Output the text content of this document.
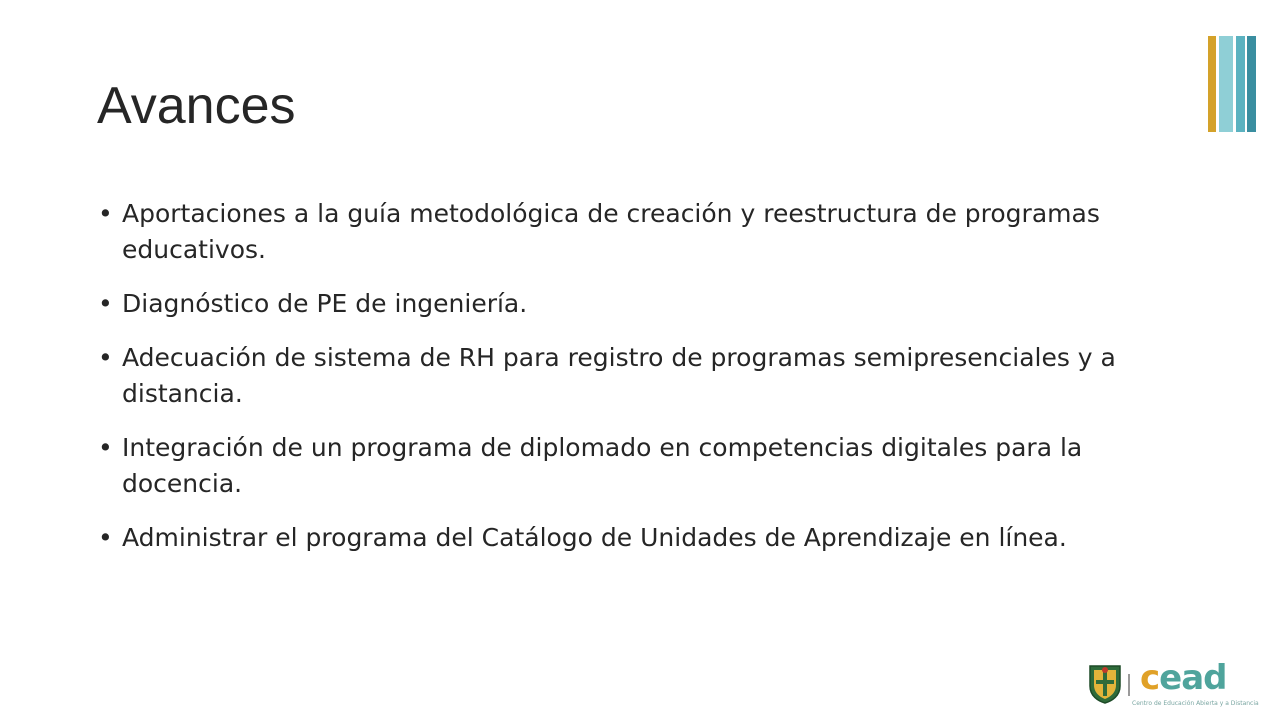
Avances
• Aportaciones a la guía metodológica de creación y reestructura de programas educativos.
• Diagnóstico de PE de ingeniería.
• Adecuación de sistema de RH para registro de programas semipresenciales y a distancia.
• Integración de un programa de diplomado en competencias digitales para la docencia.
• Administrar el programa del Catálogo de Unidades de Aprendizaje en línea.
cead
Centro de Educación Abierta y a Distancia
